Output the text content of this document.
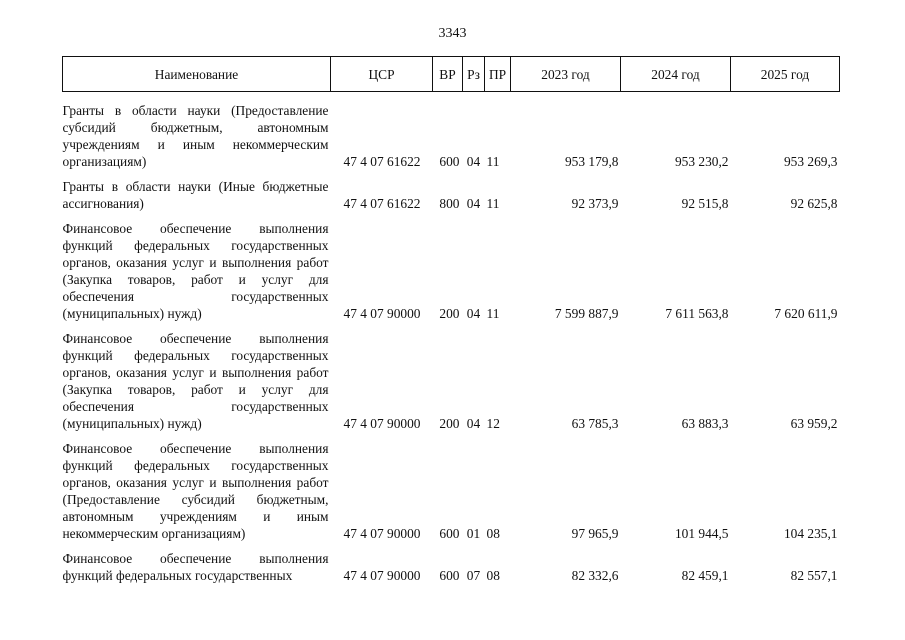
3343
Наименование	ЦСР	ВР	Рз	ПР	2023 год	2024 год	2025 год

Гранты в области науки (Предоставление субсидий бюджетным, автономным учреждениям и иным некоммерческим организациям)	47 4 07 61622	600	04	11	953 179,8	953 230,2	953 269,3

Гранты в области науки (Иные бюджетные ассигнования)	47 4 07 61622	800	04	11	92 373,9	92 515,8	92 625,8

Финансовое обеспечение выполнения функций федеральных государственных органов, оказания услуг и выполнения работ (Закупка товаров, работ и услуг для обеспечения государственных (муниципальных) нужд)	47 4 07 90000	200	04	11	7 599 887,9	7 611 563,8	7 620 611,9

Финансовое обеспечение выполнения функций федеральных государственных органов, оказания услуг и выполнения работ (Закупка товаров, работ и услуг для обеспечения государственных (муниципальных) нужд)	47 4 07 90000	200	04	12	63 785,3	63 883,3	63 959,2

Финансовое обеспечение выполнения функций федеральных государственных органов, оказания услуг и выполнения работ (Предоставление субсидий бюджетным, автономным учреждениям и иным некоммерческим организациям)	47 4 07 90000	600	01	08	97 965,9	101 944,5	104 235,1

Финансовое обеспечение выполнения функций федеральных государственных	47 4 07 90000	600	07	08	82 332,6	82 459,1	82 557,1
